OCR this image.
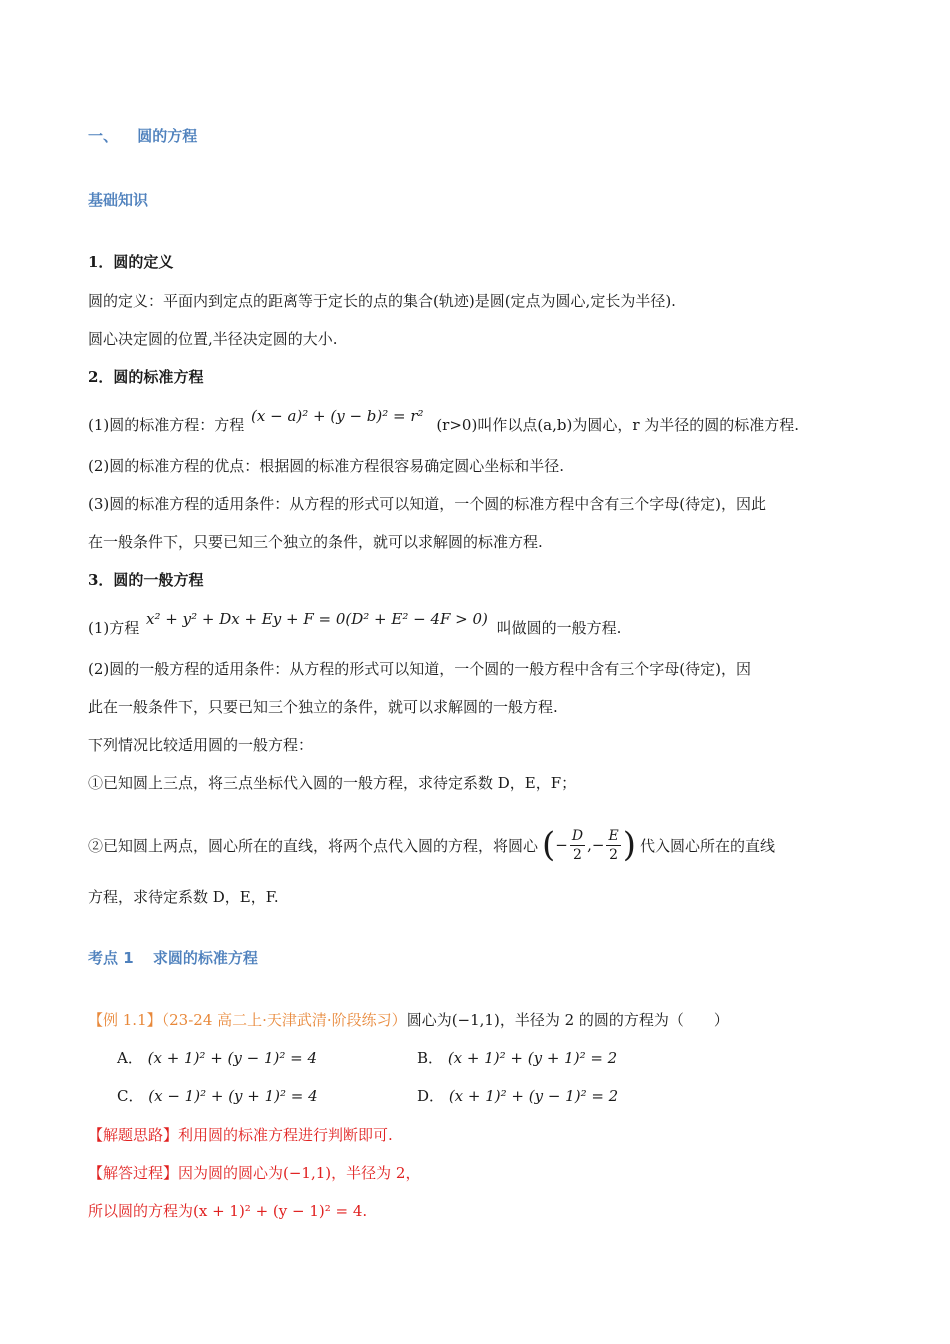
一、 圆的方程
基础知识
1．圆的定义
圆的定义：平面内到定点的距离等于定长的点的集合(轨迹)是圆(定点为圆心,定长为半径).
圆心决定圆的位置,半径决定圆的大小.
2．圆的标准方程
(1)圆的标准方程：方程 (x − a)² + (y − b)² = r² (r>0)叫作以点(a,b)为圆心，r 为半径的圆的标准方程.
(2)圆的标准方程的优点：根据圆的标准方程很容易确定圆心坐标和半径.
(3)圆的标准方程的适用条件：从方程的形式可以知道，一个圆的标准方程中含有三个字母(待定)，因此
在一般条件下，只要已知三个独立的条件，就可以求解圆的标准方程.
3．圆的一般方程
(1)方程 x² + y² + Dx + Ey + F = 0(D² + E² − 4F > 0) 叫做圆的一般方程.
(2)圆的一般方程的适用条件：从方程的形式可以知道，一个圆的一般方程中含有三个字母(待定)，因
此在一般条件下，只要已知三个独立的条件，就可以求解圆的一般方程.
下列情况比较适用圆的一般方程：
①已知圆上三点，将三点坐标代入圆的一般方程，求待定系数 D，E，F；
②已知圆上两点，圆心所在的直线，将两个点代入圆的方程，将圆心 ( − $\frac{D}{2}$ , − $\frac{E}{2}$ ) 代入圆心所在的直线
方程，求待定系数 D，E，F.
考点 1 求圆的标准方程
【例 1.1】（23-24 高二上·天津武清·阶段练习）圆心为(−1,1)，半径为 2 的圆的方程为（　　）
A． (x + 1)² + (y − 1)² = 4	B． (x + 1)² + (y + 1)² = 2
C． (x − 1)² + (y + 1)² = 4	D． (x + 1)² + (y − 1)² = 2
【解题思路】利用圆的标准方程进行判断即可.
【解答过程】因为圆的圆心为(−1,1)，半径为 2，
所以圆的方程为(x + 1)² + (y − 1)² = 4.
